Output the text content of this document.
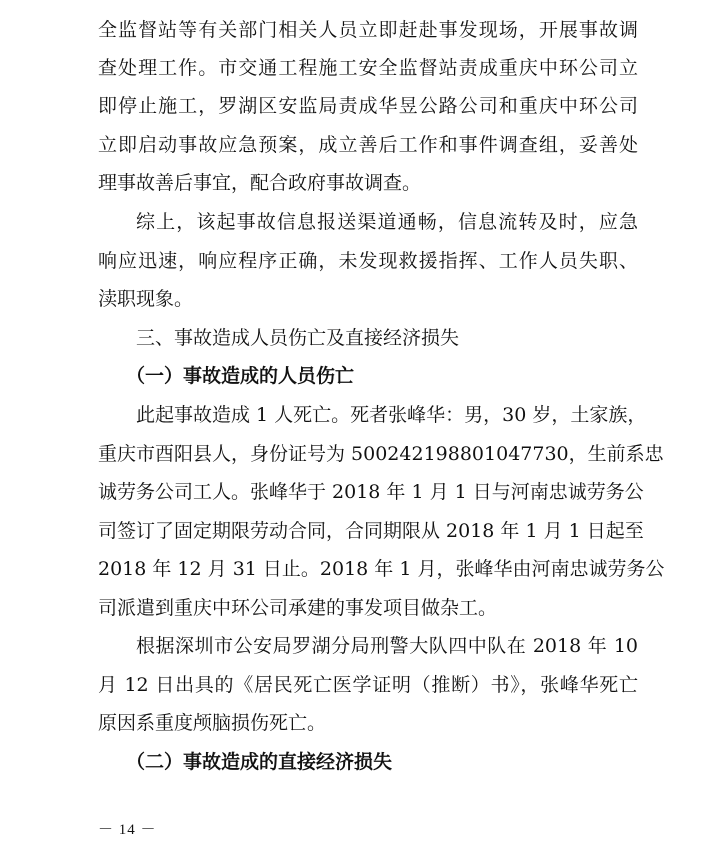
全监督站等有关部门相关人员立即赶赴事发现场，开展事故调
查处理工作。市交通工程施工安全监督站责成重庆中环公司立
即停止施工，罗湖区安监局责成华昱公路公司和重庆中环公司
立即启动事故应急预案，成立善后工作和事件调查组，妥善处
理事故善后事宜，配合政府事故调查。
综上，该起事故信息报送渠道通畅，信息流转及时，应急
响应迅速，响应程序正确，未发现救援指挥、工作人员失职、
渎职现象。
三、事故造成人员伤亡及直接经济损失
（一）事故造成的人员伤亡
此起事故造成 1 人死亡。死者张峰华：男，30 岁，土家族，
重庆市酉阳县人，身份证号为 500242198801047730，生前系忠
诚劳务公司工人。张峰华于 2018 年 1 月 1 日与河南忠诚劳务公
司签订了固定期限劳动合同，合同期限从 2018 年 1 月 1 日起至
2018 年 12 月 31 日止。2018 年 1 月，张峰华由河南忠诚劳务公
司派遣到重庆中环公司承建的事发项目做杂工。
根据深圳市公安局罗湖分局刑警大队四中队在 2018 年 10
月 12 日出具的《居民死亡医学证明（推断）书》，张峰华死亡
原因系重度颅脑损伤死亡。
（二）事故造成的直接经济损失
－ 14 －
